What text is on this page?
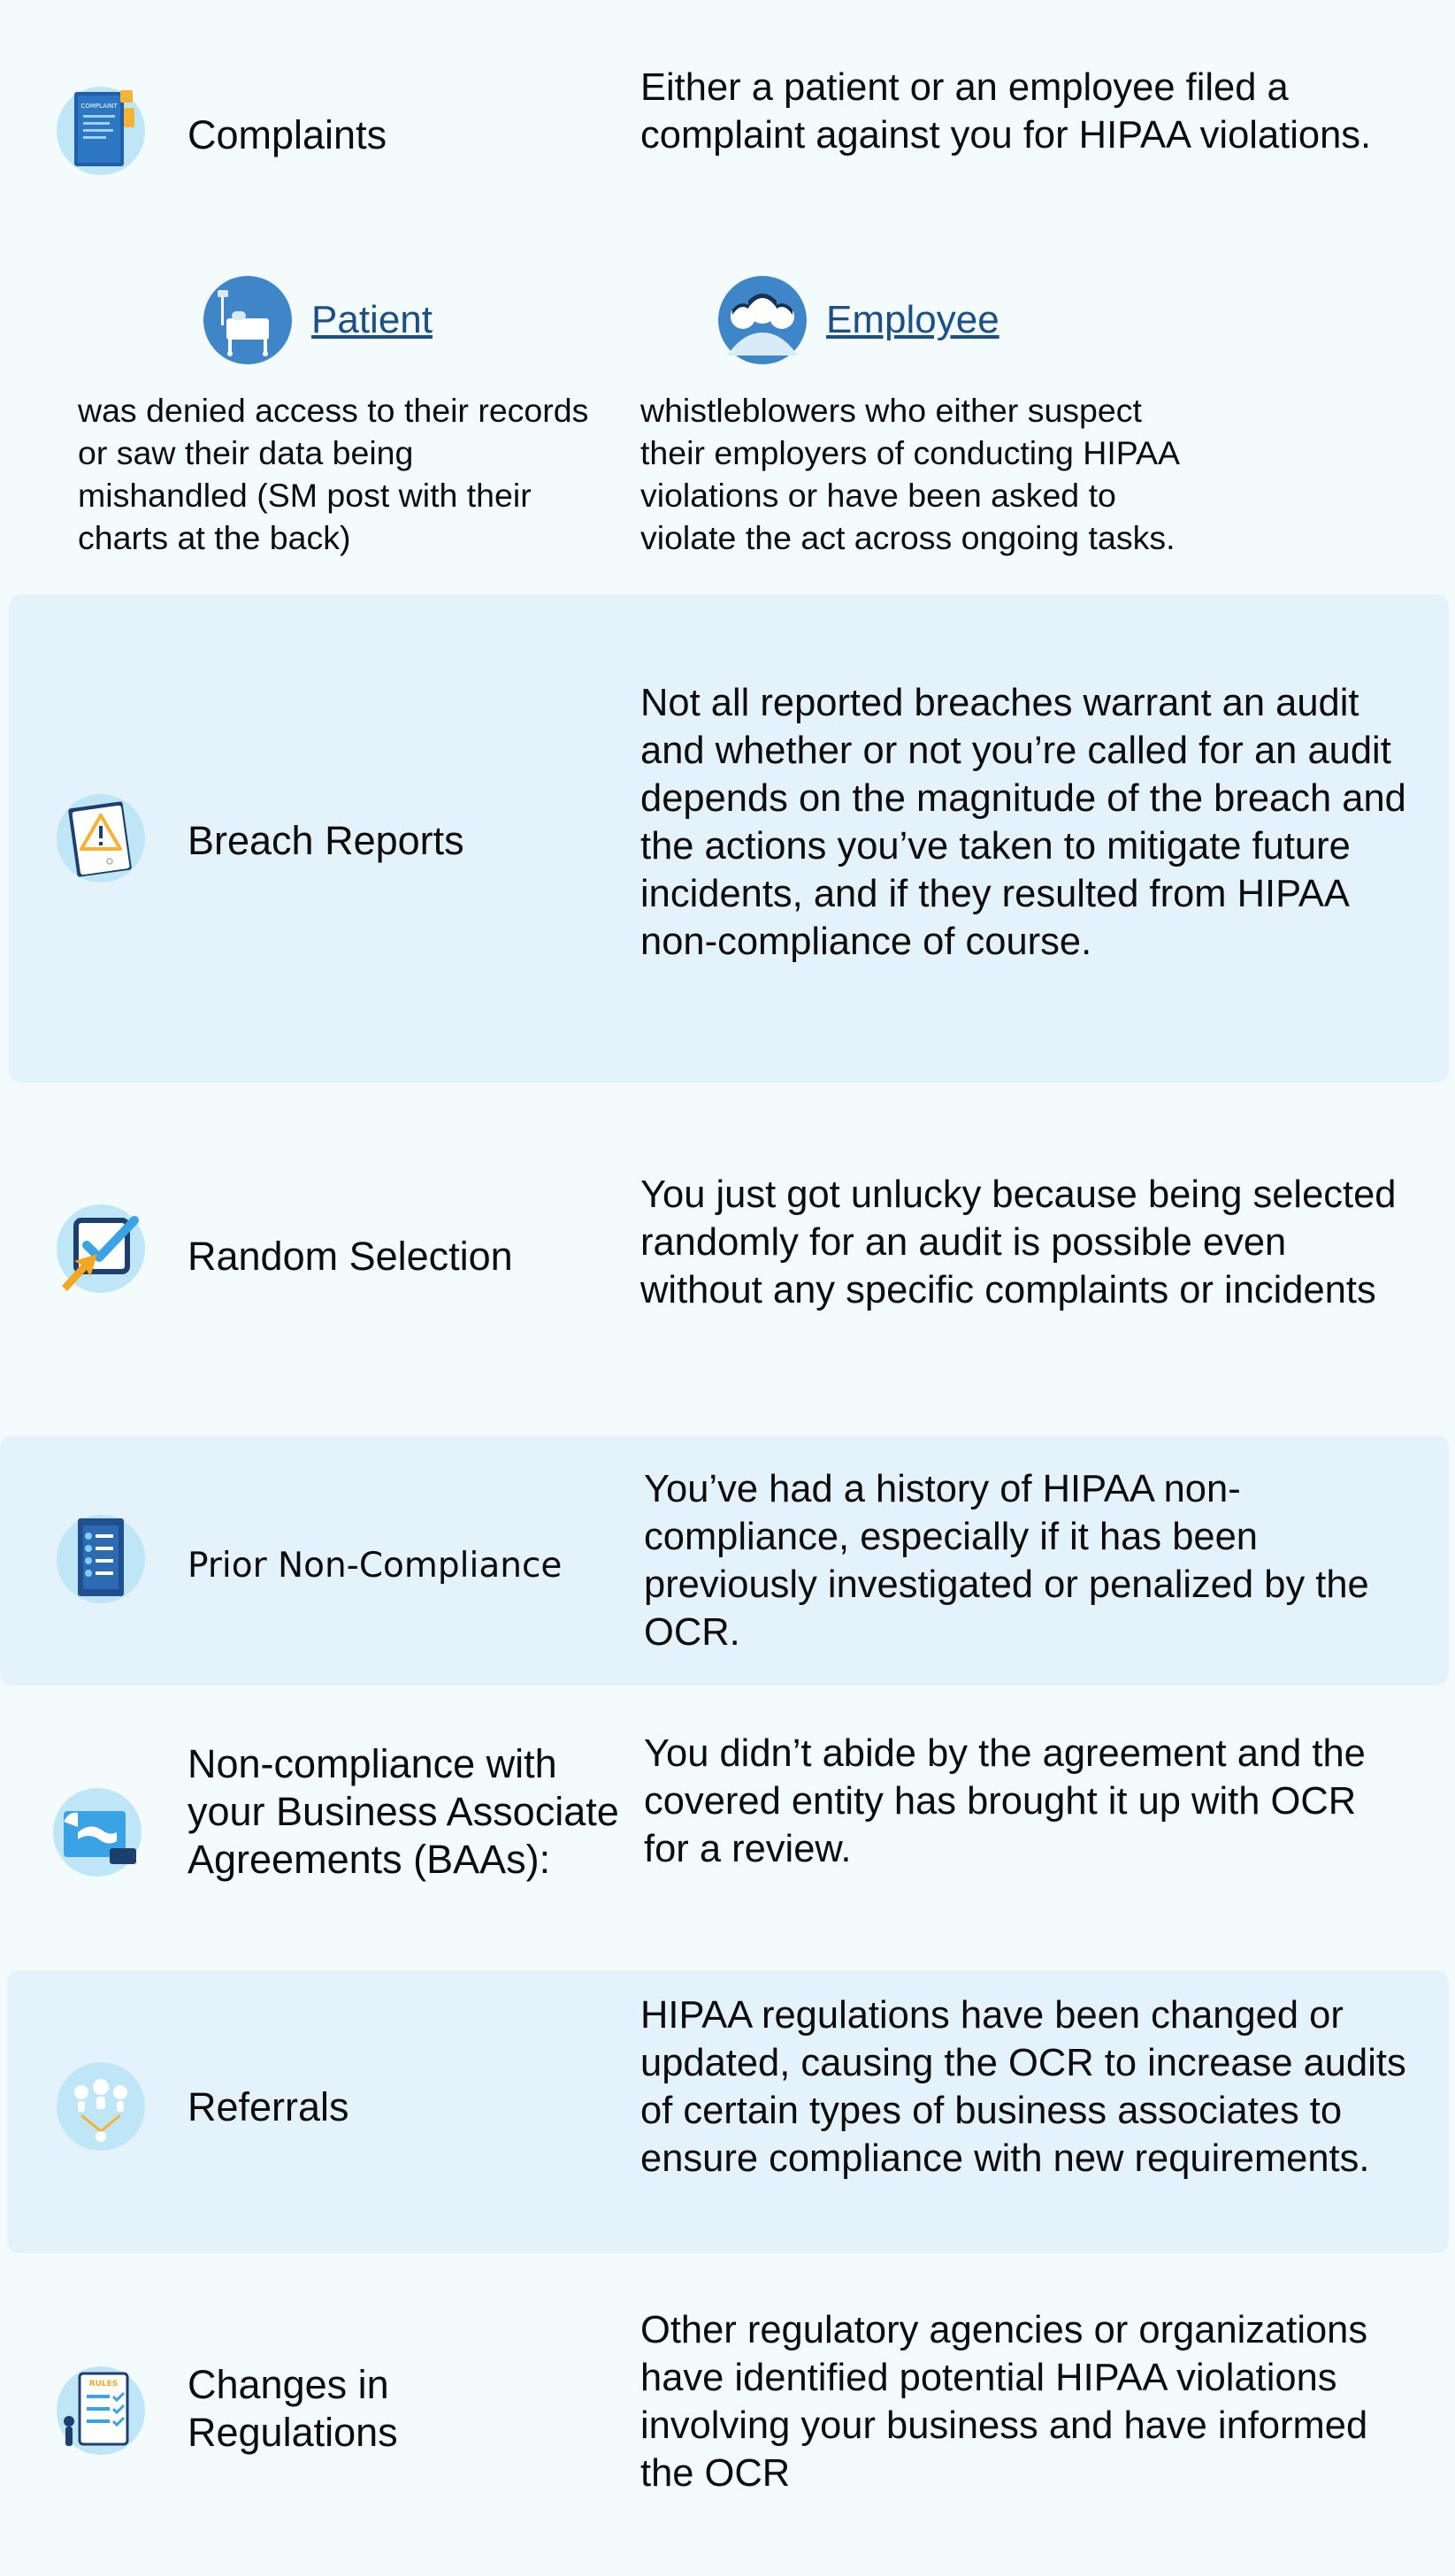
COMPLAINT
Complaints
Either a patient or an employee filed a complaint against you for HIPAA violations.
Patient
was denied access to their records or saw their data being mishandled (SM post with their charts at the back)
Employee
whistleblowers who either suspect their employers of conducting HIPAA violations or have been asked to violate the act across ongoing tasks.
Breach Reports
Not all reported breaches warrant an audit and whether or not you’re called for an audit depends on the magnitude of the breach and the actions you’ve taken to mitigate future incidents, and if they resulted from HIPAA non-compliance of course.
Random Selection
You just got unlucky because being selected randomly for an audit is possible even without any specific complaints or incidents
Prior Non-Compliance
You’ve had a history of HIPAA non-compliance, especially if it has been previously investigated or penalized by the OCR.
Non-compliance with your Business Associate Agreements (BAAs):
You didn’t abide by the agreement and the covered entity has brought it up with OCR for a review.
Referrals
HIPAA regulations have been changed or updated, causing the OCR to increase audits of certain types of business associates to ensure compliance with new requirements.
RULES Changes in Regulations
Other regulatory agencies or organizations have identified potential HIPAA violations involving your business and have informed the OCR
